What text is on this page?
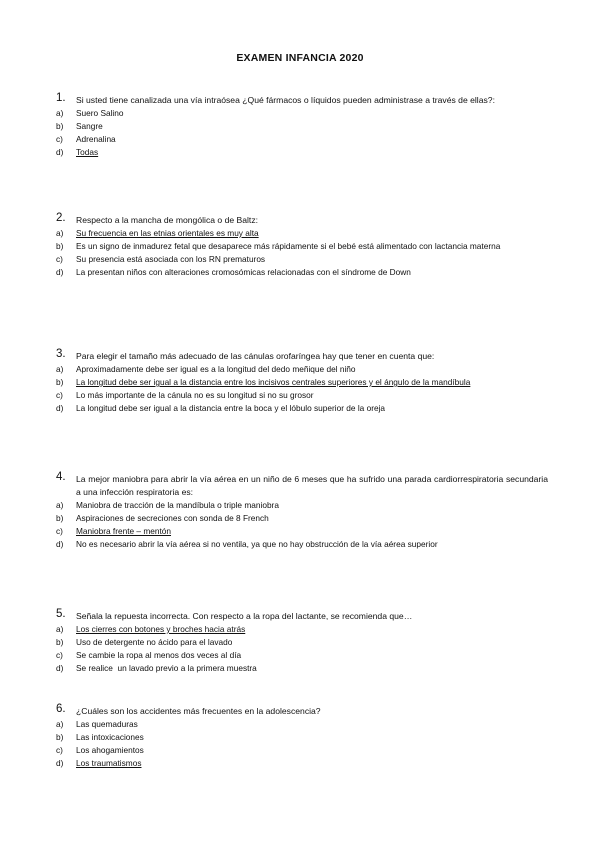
EXAMEN INFANCIA 2020
1. Si usted tiene canalizada una vía intraósea ¿Qué fármacos o líquidos pueden administrase a través de ellas?:
a) Suero Salino
b) Sangre
c) Adrenalina
d) Todas
2. Respecto a la mancha de mongólica o de Baltz:
a) Su frecuencia en las etnias orientales es muy alta
b) Es un signo de inmadurez fetal que desaparece más rápidamente si el bebé está alimentado con lactancia materna
c) Su presencia está asociada con los RN prematuros
d) La presentan niños con alteraciones cromosómicas relacionadas con el síndrome de Down
3. Para elegir el tamaño más adecuado de las cánulas orofaríngea hay que tener en cuenta que:
a) Aproximadamente debe ser igual es a la longitud del dedo meñique del niño
b) La longitud debe ser igual a la distancia entre los incisivos centrales superiores y el ángulo de la mandíbula
c) Lo más importante de la cánula no es su longitud si no su grosor
d) La longitud debe ser igual a la distancia entre la boca y el lóbulo superior de la oreja
4. La mejor maniobra para abrir la vía aérea en un niño de 6 meses que ha sufrido una parada cardiorrespiratoria secundaria a una infección respiratoria es:
a) Maniobra de tracción de la mandíbula o triple maniobra
b) Aspiraciones de secreciones con sonda de 8 French
c) Maniobra frente – mentón
d) No es necesario abrir la vía aérea si no ventila, ya que no hay obstrucción de la vía aérea superior
5. Señala la repuesta incorrecta. Con respecto a la ropa del lactante, se recomienda que…
a) Los cierres con botones y broches hacia atrás
b) Uso de detergente no ácido para el lavado
c) Se cambie la ropa al menos dos veces al día
d) Se realice  un lavado previo a la primera muestra
6. ¿Cuáles son los accidentes más frecuentes en la adolescencia?
a) Las quemaduras
b) Las intoxicaciones
c) Los ahogamientos
d) Los traumatismos
